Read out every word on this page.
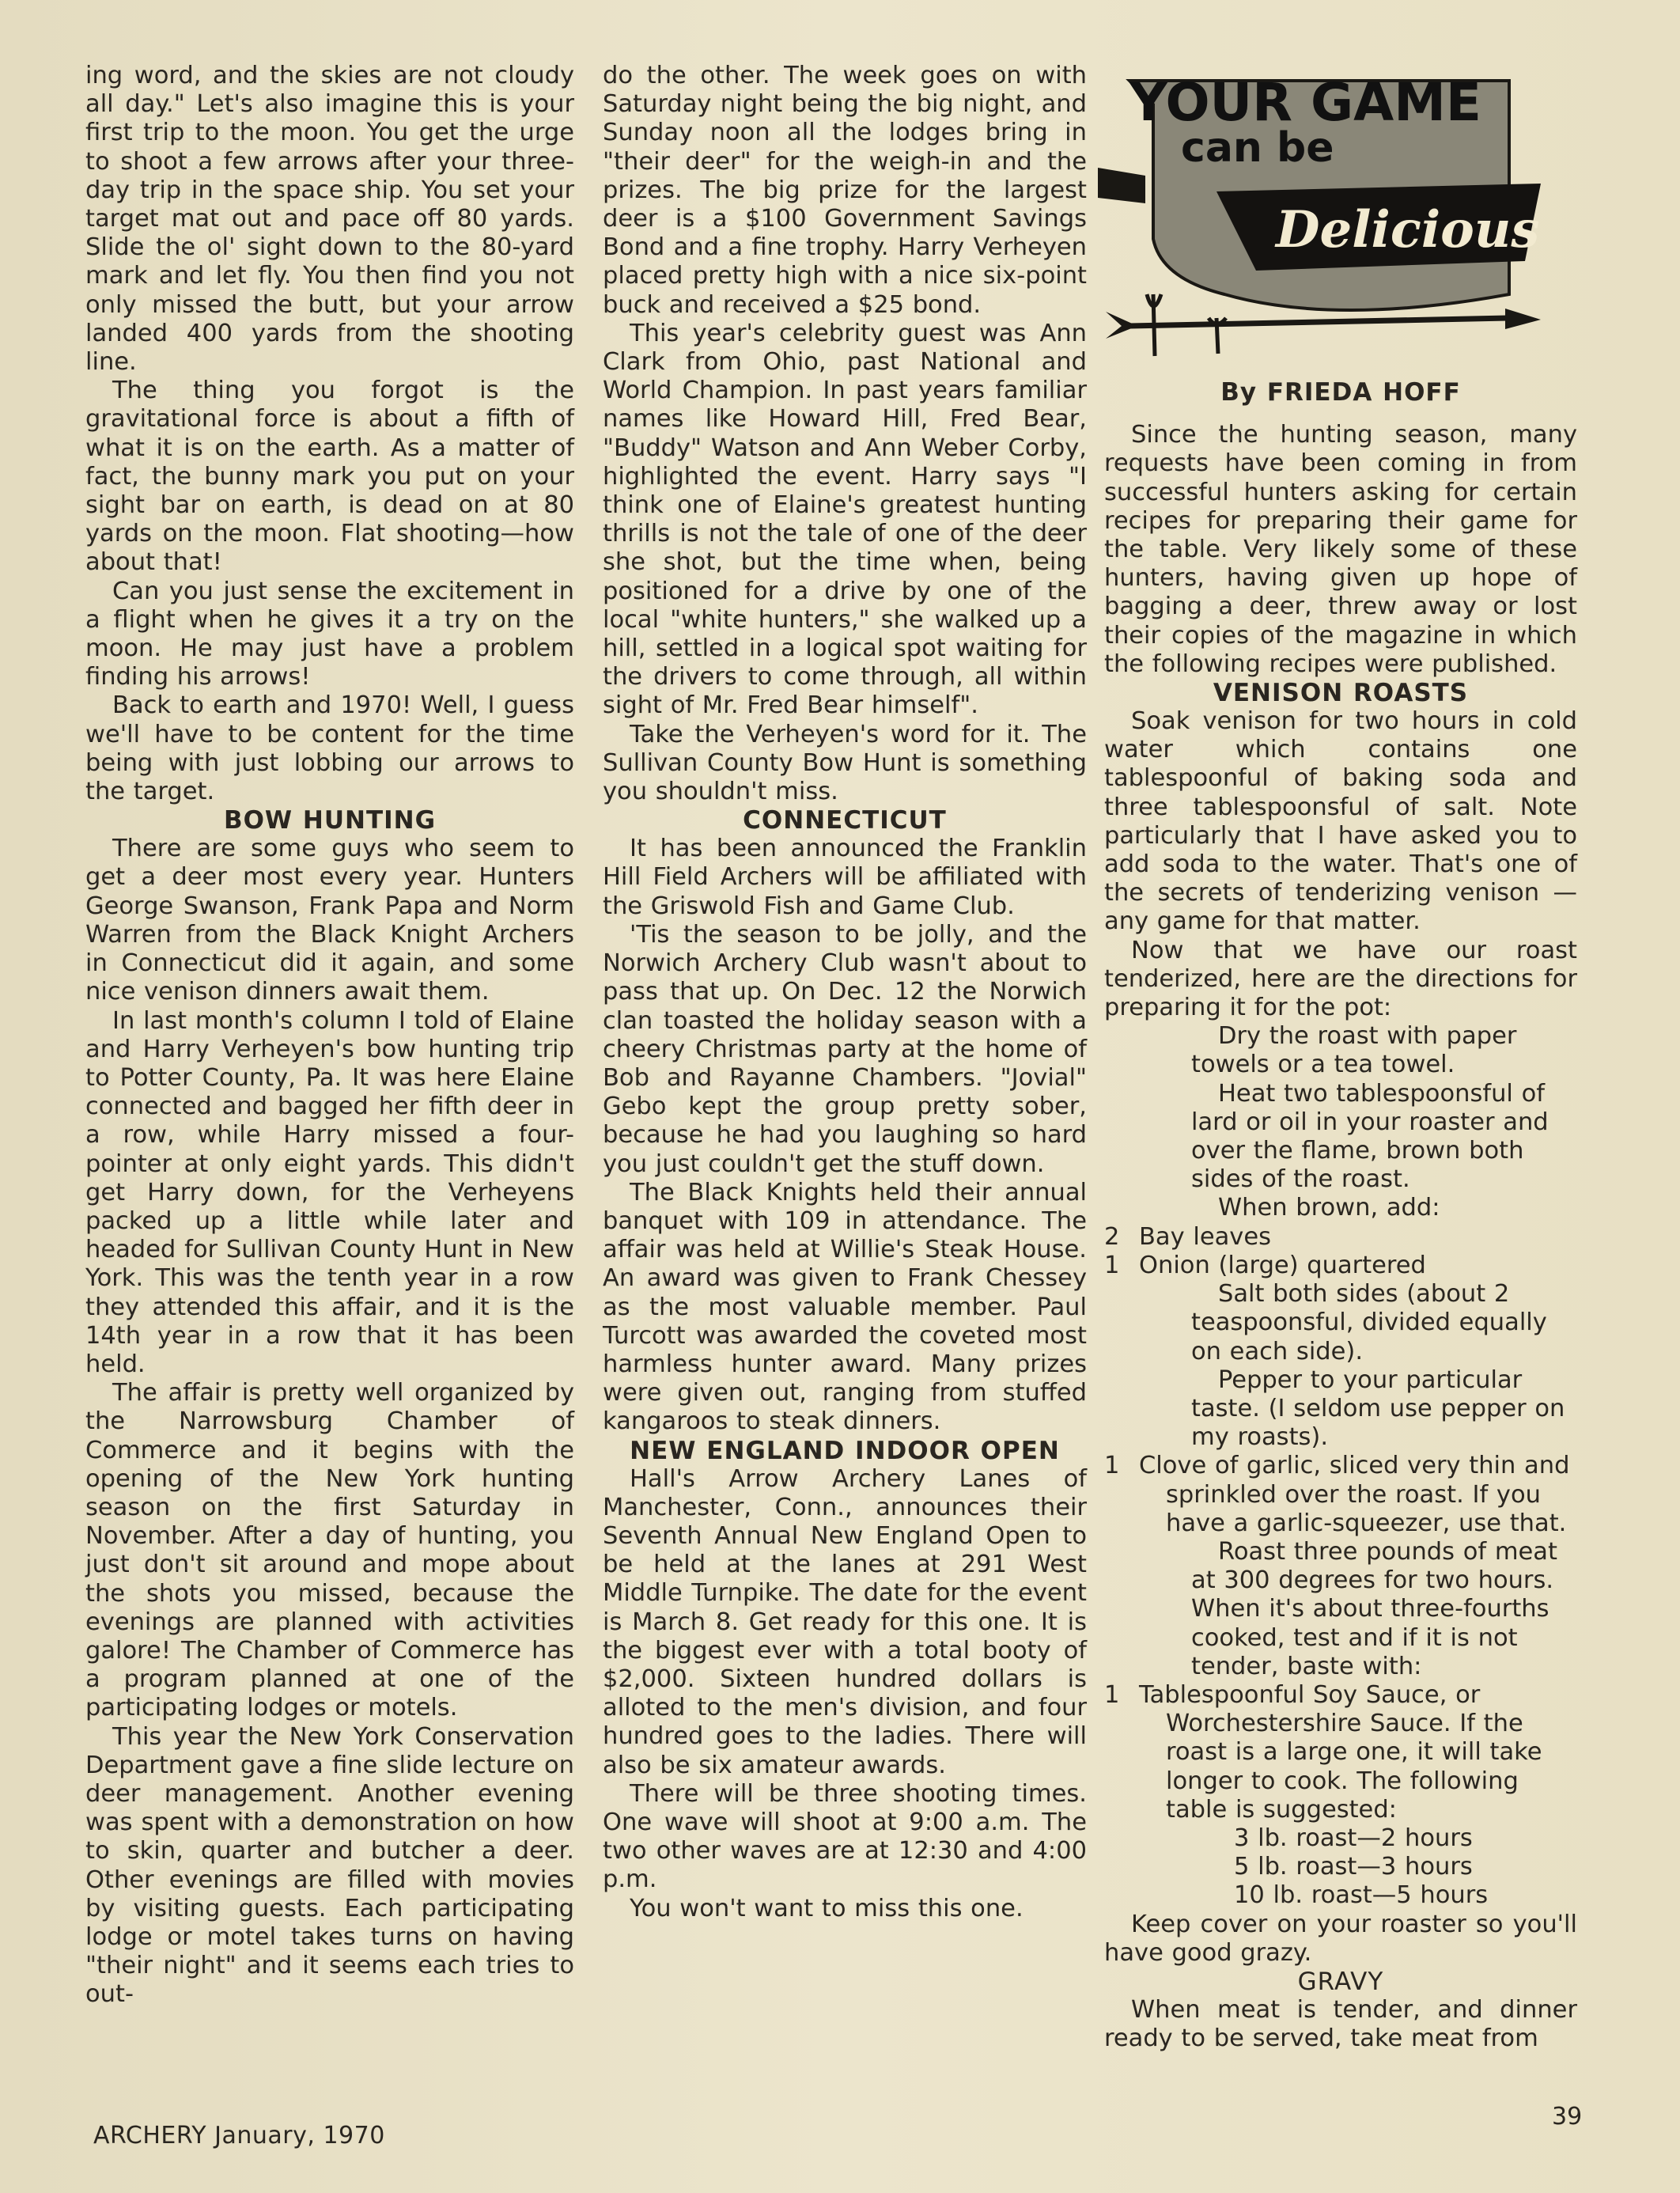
YOUR GAME
can be
Delicious

ing word, and the skies are not cloudy all day." Let's also imagine this is your first trip to the moon. You get the urge to shoot a few arrows after your three-day trip in the space ship. You set your target mat out and pace off 80 yards. Slide the ol' sight down to the 80-yard mark and let fly. You then find you not only missed the butt, but your arrow landed 400 yards from the shooting line.

The thing you forgot is the gravitational force is about a fifth of what it is on the earth. As a matter of fact, the bunny mark you put on your sight bar on earth, is dead on at 80 yards on the moon. Flat shooting—how about that!

Can you just sense the excitement in a flight when he gives it a try on the moon. He may just have a problem finding his arrows!

Back to earth and 1970! Well, I guess we'll have to be content for the time being with just lobbing our arrows to the target.

BOW HUNTING

There are some guys who seem to get a deer most every year. Hunters George Swanson, Frank Papa and Norm Warren from the Black Knight Archers in Connecticut did it again, and some nice venison dinners await them.

In last month's column I told of Elaine and Harry Verheyen's bow hunting trip to Potter County, Pa. It was here Elaine connected and bagged her fifth deer in a row, while Harry missed a four-pointer at only eight yards. This didn't get Harry down, for the Verheyens packed up a little while later and headed for Sullivan County Hunt in New York. This was the tenth year in a row they attended this affair, and it is the 14th year in a row that it has been held.

The affair is pretty well organized by the Narrowsburg Chamber of Commerce and it begins with the opening of the New York hunting season on the first Saturday in November. After a day of hunting, you just don't sit around and mope about the shots you missed, because the evenings are planned with activities galore! The Chamber of Commerce has a program planned at one of the participating lodges or motels.

This year the New York Conservation Department gave a fine slide lecture on deer management. Another evening was spent with a demonstration on how to skin, quarter and butcher a deer. Other evenings are filled with movies by visiting guests. Each participating lodge or motel takes turns on having "their night" and it seems each tries to out-

do the other. The week goes on with Saturday night being the big night, and Sunday noon all the lodges bring in "their deer" for the weigh-in and the prizes. The big prize for the largest deer is a $100 Government Savings Bond and a fine trophy. Harry Verheyen placed pretty high with a nice six-point buck and received a $25 bond.

This year's celebrity guest was Ann Clark from Ohio, past National and World Champion. In past years familiar names like Howard Hill, Fred Bear, "Buddy" Watson and Ann Weber Corby, highlighted the event. Harry says "I think one of Elaine's greatest hunting thrills is not the tale of one of the deer she shot, but the time when, being positioned for a drive by one of the local "white hunters," she walked up a hill, settled in a logical spot waiting for the drivers to come through, all within sight of Mr. Fred Bear himself".

Take the Verheyen's word for it. The Sullivan County Bow Hunt is something you shouldn't miss.

CONNECTICUT

It has been announced the Franklin Hill Field Archers will be affiliated with the Griswold Fish and Game Club.

'Tis the season to be jolly, and the Norwich Archery Club wasn't about to pass that up. On Dec. 12 the Norwich clan toasted the holiday season with a cheery Christmas party at the home of Bob and Rayanne Chambers. "Jovial" Gebo kept the group pretty sober, because he had you laughing so hard you just couldn't get the stuff down.

The Black Knights held their annual banquet with 109 in attendance. The affair was held at Willie's Steak House. An award was given to Frank Chessey as the most valuable member. Paul Turcott was awarded the coveted most harmless hunter award. Many prizes were given out, ranging from stuffed kangaroos to steak dinners.

NEW ENGLAND INDOOR OPEN

Hall's Arrow Archery Lanes of Manchester, Conn., announces their Seventh Annual New England Open to be held at the lanes at 291 West Middle Turnpike. The date for the event is March 8. Get ready for this one. It is the biggest ever with a total booty of $2,000. Sixteen hundred dollars is alloted to the men's division, and four hundred goes to the ladies. There will also be six amateur awards.

There will be three shooting times. One wave will shoot at 9:00 a.m. The two other waves are at 12:30 and 4:00 p.m.

You won't want to miss this one.

By FRIEDA HOFF

Since the hunting season, many requests have been coming in from successful hunters asking for certain recipes for preparing their game for the table. Very likely some of these hunters, having given up hope of bagging a deer, threw away or lost their copies of the magazine in which the following recipes were published.

VENISON ROASTS

Soak venison for two hours in cold water which contains one tablespoonful of baking soda and three tablespoonsful of salt. Note particularly that I have asked you to add soda to the water. That's one of the secrets of tenderizing venison —any game for that matter.

Now that we have our roast tenderized, here are the directions for preparing it for the pot:

Dry the roast with paper towels or a tea towel.

Heat two tablespoonsful of lard or oil in your roaster and over the flame, brown both sides of the roast.

When brown, add:

2 Bay leaves
1 Onion (large) quartered

Salt both sides (about 2 teaspoonsful, divided equally on each side).

Pepper to your particular taste. (I seldom use pepper on my roasts).

1 Clove of garlic, sliced very thin and sprinkled over the roast. If you have a garlic-squeezer, use that.

Roast three pounds of meat at 300 degrees for two hours. When it's about three-fourths cooked, test and if it is not tender, baste with:

1 Tablespoonful Soy Sauce, or Worchestershire Sauce. If the roast is a large one, it will take longer to cook. The following table is suggested:
3 lb. roast—2 hours
5 lb. roast—3 hours
10 lb. roast—5 hours

Keep cover on your roaster so you'll have good grazy.

GRAVY

When meat is tender, and dinner ready to be served, take meat from

ARCHERY January, 1970
39
